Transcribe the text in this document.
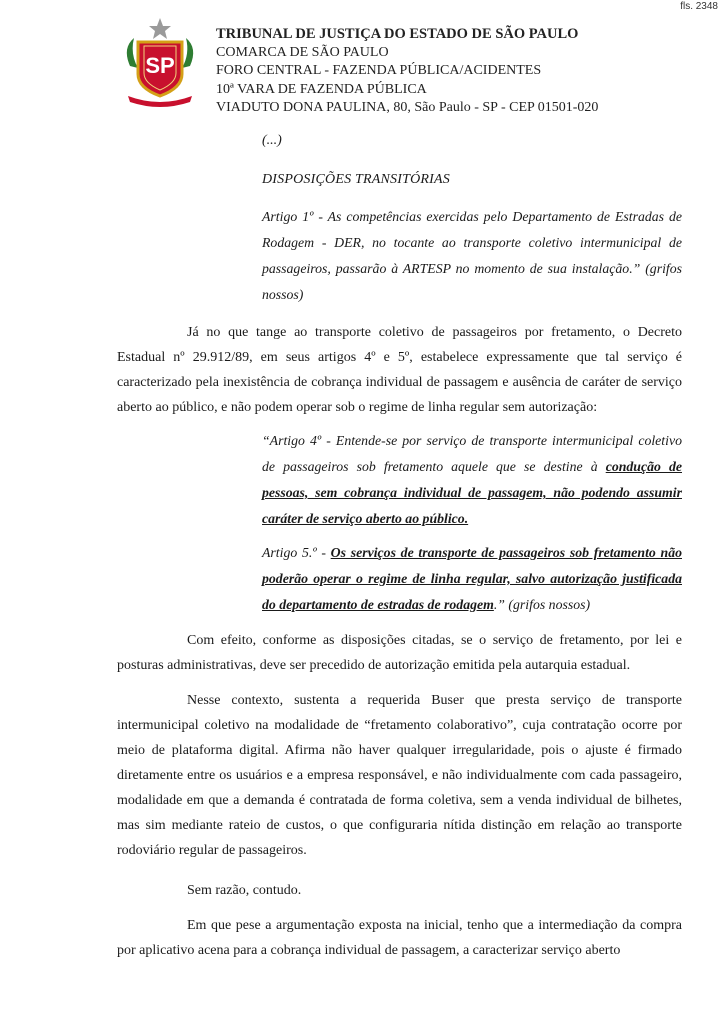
fls. 2348
SP
TRIBUNAL DE JUSTIÇA DO ESTADO DE SÃO PAULO
COMARCA DE SÃO PAULO
FORO CENTRAL - FAZENDA PÚBLICA/ACIDENTES
10ª VARA DE FAZENDA PÚBLICA
VIADUTO DONA PAULINA, 80, São Paulo - SP - CEP 01501-020
(...)
DISPOSIÇÕES TRANSITÓRIAS
Artigo 1º - As competências exercidas pelo Departamento de Estradas de Rodagem - DER, no tocante ao transporte coletivo intermunicipal de passageiros, passarão à ARTESP no momento de sua instalação.” (grifos nossos)
Já no que tange ao transporte coletivo de passageiros por fretamento, o Decreto Estadual nº 29.912/89, em seus artigos 4º e 5º, estabelece expressamente que tal serviço é caracterizado pela inexistência de cobrança individual de passagem e ausência de caráter de serviço aberto ao público, e não podem operar sob o regime de linha regular sem autorização:
“Artigo 4º - Entende-se por serviço de transporte intermunicipal coletivo de passageiros sob fretamento aquele que se destine à condução de pessoas, sem cobrança individual de passagem, não podendo assumir caráter de serviço aberto ao público.
Artigo 5.º - Os serviços de transporte de passageiros sob fretamento não poderão operar o regime de linha regular, salvo autorização justificada do departamento de estradas de rodagem.” (grifos nossos)
Com efeito, conforme as disposições citadas, se o serviço de fretamento, por lei e posturas administrativas, deve ser precedido de autorização emitida pela autarquia estadual.
Nesse contexto, sustenta a requerida Buser que presta serviço de transporte intermunicipal coletivo na modalidade de “fretamento colaborativo”, cuja contratação ocorre por meio de plataforma digital. Afirma não haver qualquer irregularidade, pois o ajuste é firmado diretamente entre os usuários e a empresa responsável, e não individualmente com cada passageiro, modalidade em que a demanda é contratada de forma coletiva, sem a venda individual de bilhetes, mas sim mediante rateio de custos, o que configuraria nítida distinção em relação ao transporte rodoviário regular de passageiros.
Sem razão, contudo.
Em que pese a argumentação exposta na inicial, tenho que a intermediação da compra por aplicativo acena para a cobrança individual de passagem, a caracterizar serviço aberto
